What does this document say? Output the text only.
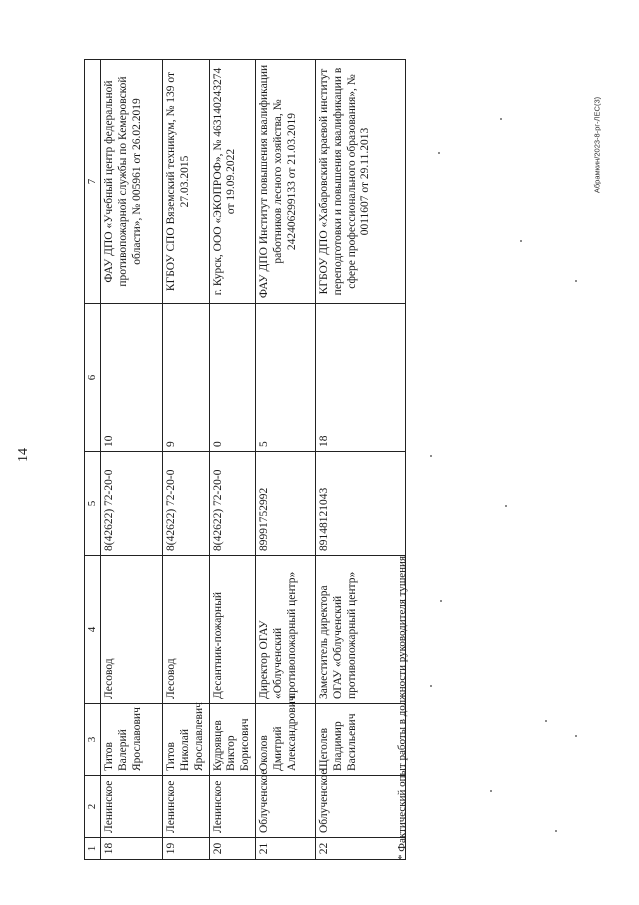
14
1	2	3	4	5	6	7
18	Ленинское	Титов Валерий Ярославович	Лесовод	8(42622) 72-20-0	10	ФАУ ДПО «Учебный центр федеральной противопожарной службы по Кемеровской области», № 005961 от 26.02.2019
19	Ленинское	Титов Николай Ярославлевич	Лесовод	8(42622) 72-20-0	9	КГБОУ СПО Вяземский техникум, № 139 от 27.03.2015
20	Ленинское	Кудрявцев Виктор Борисович	Десантник-пожарный	8(42622) 72-20-0	0	г. Курск, ООО «ЭКОПРОФ», № 463140243274 от 19.09.2022
21	Облученское	Околов Дмитрий Александрович	Директор ОГАУ «Облученский противопожарный центр»	89991752992	5	ФАУ ДПО Институт повышения квалификации работников лесного хозяйства, № 242406299133 от 21.03.2019
22	Облученское	Щеголев Владимир Васильевич	Заместитель директора ОГАУ «Облученский противопожарный центр»	89148121043	18	КГБОУ ДПО «Хабаровский краевой институт переподготовки и повышения квалификации в сфере профессионального образования», № 0011607 от 29.11.2013
* Фактический опыт работы в должности руководителя тушения
Абрамкин/2023-8-рг-ЛЕС(3)
